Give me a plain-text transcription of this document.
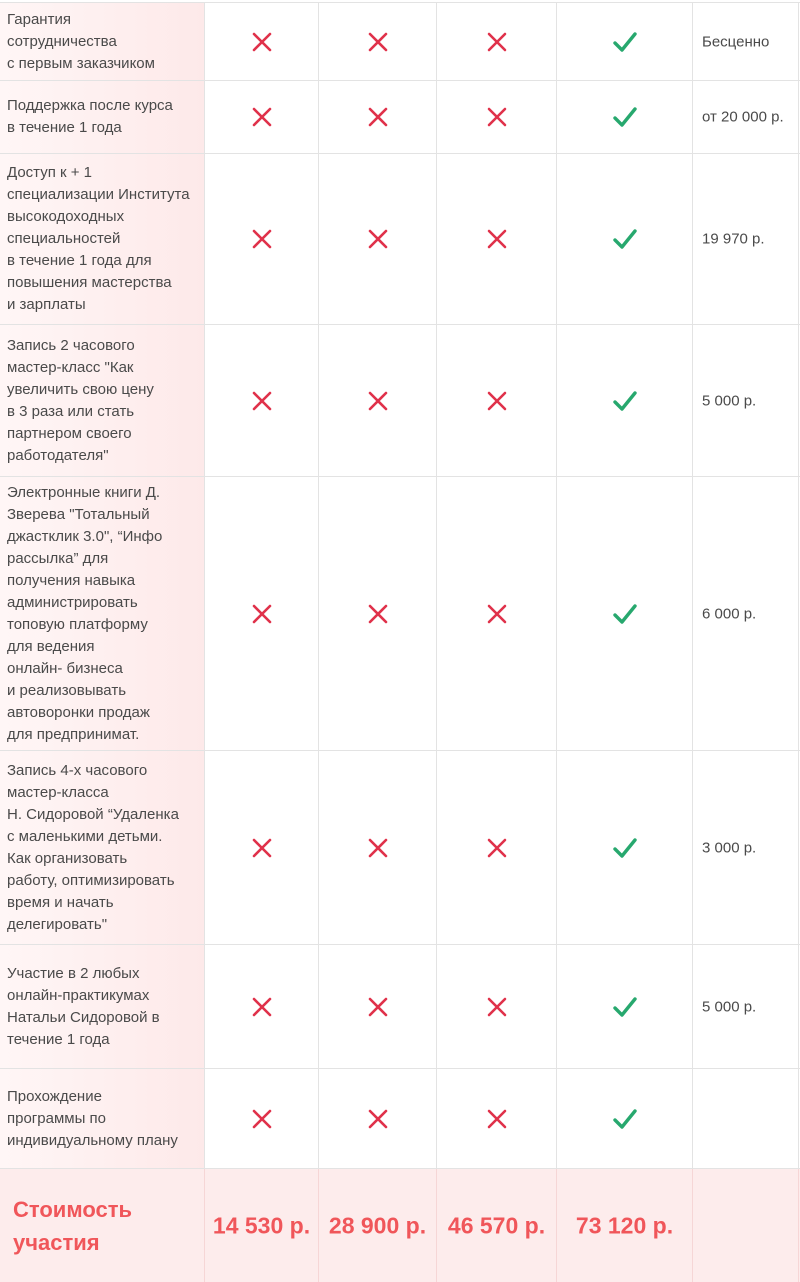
Гарантия
сотрудничества
с первым заказчиком
Бесценно
Поддержка после курса
в течение 1 года
от 20 000 р.
Доступ к + 1
специализации Института
высокодоходных
специальностей
в течение 1 года для
повышения мастерства
и зарплаты
19 970 р.
Запись 2 часового
мастер-класс "Как
увеличить свою цену
в 3 раза или стать
партнером своего
работодателя"
5 000 р.
Электронные книги Д.
Зверева "Тотальный
джастклик 3.0", “Инфо
рассылка” для
получения навыка
администрировать
топовую платформу
для ведения
онлайн- бизнеса
и реализовывать
автоворонки продаж
для предпринимат.
6 000 р.
Запись 4-х часового
мастер-класса
Н. Сидоровой “Удаленка
с маленькими детьми.
Как организовать
работу, оптимизировать
время и начать
делегировать"
3 000 р.
Участие в 2 любых
онлайн-практикумах
Натальи Сидоровой в
течение 1 года
5 000 р.
Прохождение
программы по
индивидуальному плану
Стоимость
участия
14 530 р. 28 900 р. 46 570 р.	73 120 р.
